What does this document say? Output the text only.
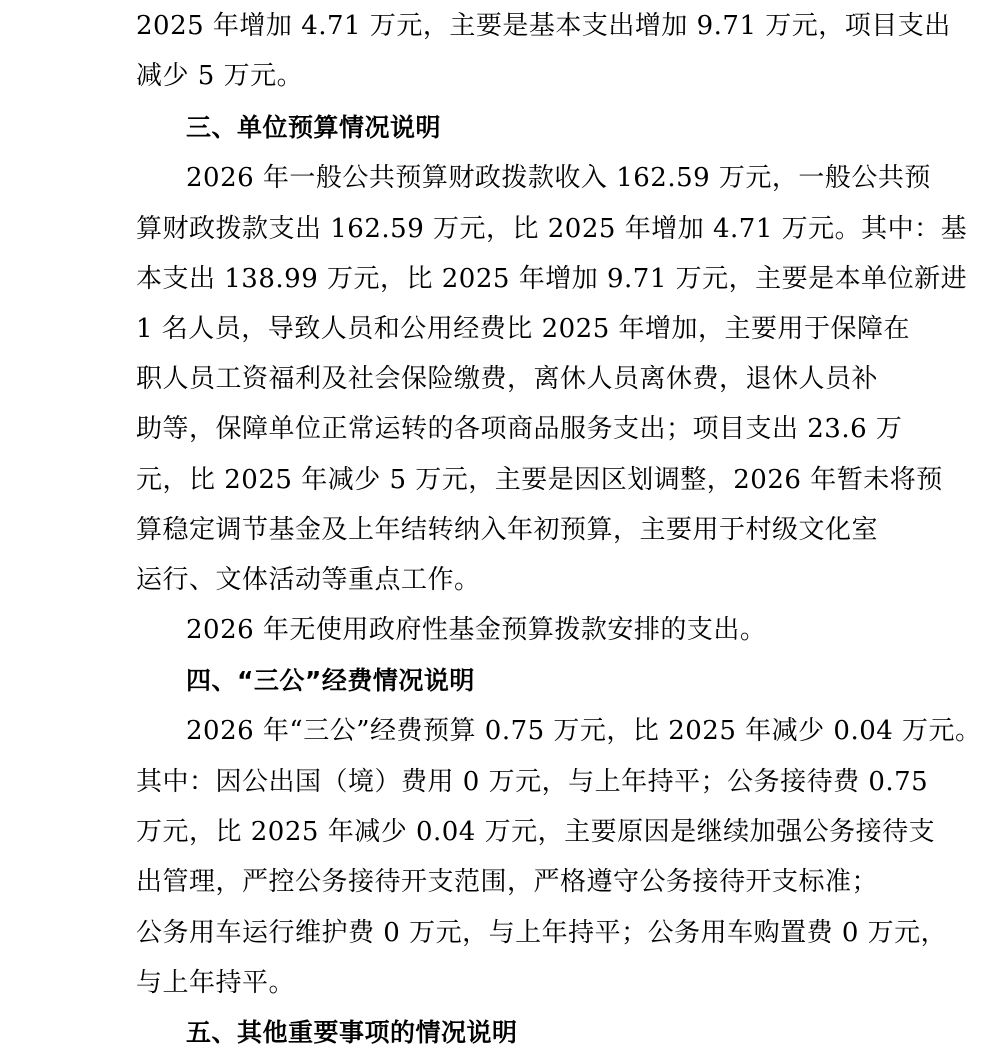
2025 年增加 4.71 万元，主要是基本支出增加 9.71 万元，项目支出
减少 5 万元。
三、单位预算情况说明
2026 年一般公共预算财政拨款收入 162.59 万元，一般公共预
算财政拨款支出 162.59 万元，比 2025 年增加 4.71 万元。其中：基
本支出 138.99 万元，比 2025 年增加 9.71 万元，主要是本单位新进
1 名人员，导致人员和公用经费比 2025 年增加，主要用于保障在
职人员工资福利及社会保险缴费，离休人员离休费，退休人员补
助等，保障单位正常运转的各项商品服务支出；项目支出 23.6 万
元，比 2025 年减少 5 万元，主要是因区划调整，2026 年暂未将预
算稳定调节基金及上年结转纳入年初预算，主要用于村级文化室
运行、文体活动等重点工作。
2026 年无使用政府性基金预算拨款安排的支出。
四、“三公”经费情况说明
2026 年“三公”经费预算 0.75 万元，比 2025 年减少 0.04 万元。
其中：因公出国（境）费用 0 万元，与上年持平；公务接待费 0.75
万元，比 2025 年减少 0.04 万元，主要原因是继续加强公务接待支
出管理，严控公务接待开支范围，严格遵守公务接待开支标准；
公务用车运行维护费 0 万元，与上年持平；公务用车购置费 0 万元，
与上年持平。
五、其他重要事项的情况说明
